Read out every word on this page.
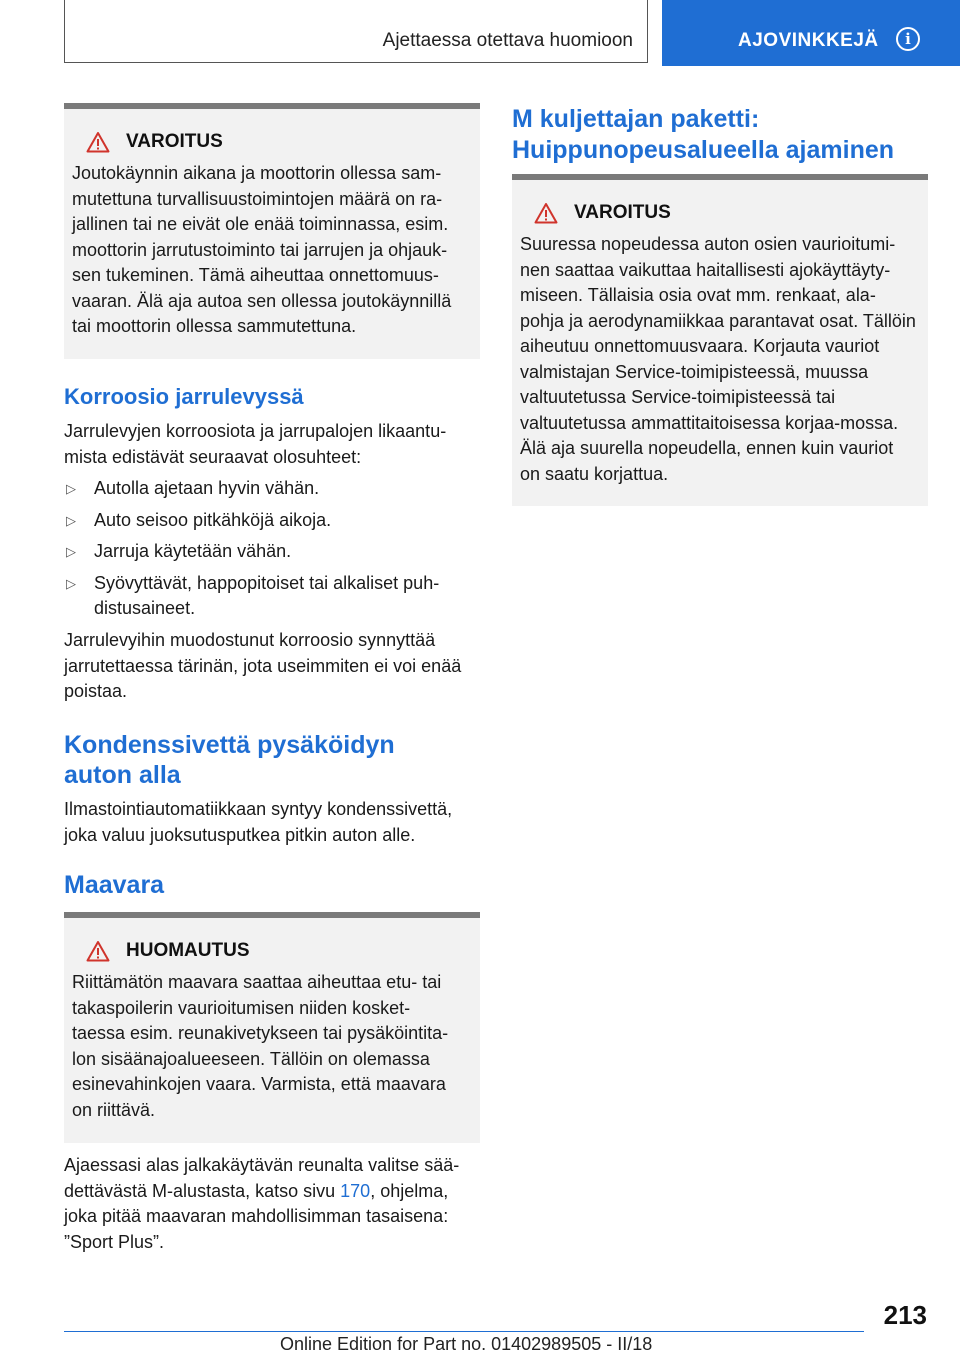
Ajettaessa otettava huomioon	AJOVINKKEJÄ	i
VAROITUS
Joutokäynnin aikana ja moottorin ollessa sam-mutettuna turvallisuustoimintojen määrä on ra-jallinen tai ne eivät ole enää toiminnassa, esim. moottorin jarrutustoiminto tai jarrujen ja ohjauk-sen tukeminen. Tämä aiheuttaa onnettomuus-vaaran. Älä aja autoa sen ollessa joutokäynnillä tai moottorin ollessa sammutettuna.
Korroosio jarrulevyssä
Jarrulevyjen korroosiota ja jarrupalojen likaantu-mista edistävät seuraavat olosuhteet:
▷ Autolla ajetaan hyvin vähän.
▷ Auto seisoo pitkähköjä aikoja.
▷ Jarruja käytetään vähän.
▷ Syövyttävät, happopitoiset tai alkaliset puh-distusaineet.
Jarrulevyihin muodostunut korroosio synnyttää jarrutettaessa tärinän, jota useimmiten ei voi enää poistaa.
Kondenssivettä pysäköidyn auton alla
Ilmastointiautomatiikkaan syntyy kondenssivettä, joka valuu juoksutusputkea pitkin auton alle.
Maavara
HUOMAUTUS
Riittämätön maavara saattaa aiheuttaa etu- tai takaspoilerin vaurioitumisen niiden kosket-taessa esim. reunakivetykseen tai pysäköintita-lon sisäänajoalueeseen. Tällöin on olemassa esinevahinkojen vaara. Varmista, että maavara on riittävä.
Ajaessasi alas jalkakäytävän reunalta valitse sää-dettävästä M-alustasta, katso sivu 170, ohjelma, joka pitää maavaran mahdollisimman tasaisena: ”Sport Plus”.
M kuljettajan paketti: Huippunopeusalueella ajaminen
VAROITUS
Suuressa nopeudessa auton osien vaurioitumi-nen saattaa vaikuttaa haitallisesti ajokäyttäyty-miseen. Tällaisia osia ovat mm. renkaat, ala-pohja ja aerodynamiikkaa parantavat osat. Tällöin aiheutuu onnettomuusvaara. Korjauta vauriot valmistajan Service-toimipisteessä, muussa valtuutetussa Service-toimipisteessä tai valtuutetussa ammattitaitoisessa korjaa-mossa. Älä aja suurella nopeudella, ennen kuin vauriot on saatu korjattua.
213
Online Edition for Part no. 01402989505 - II/18
